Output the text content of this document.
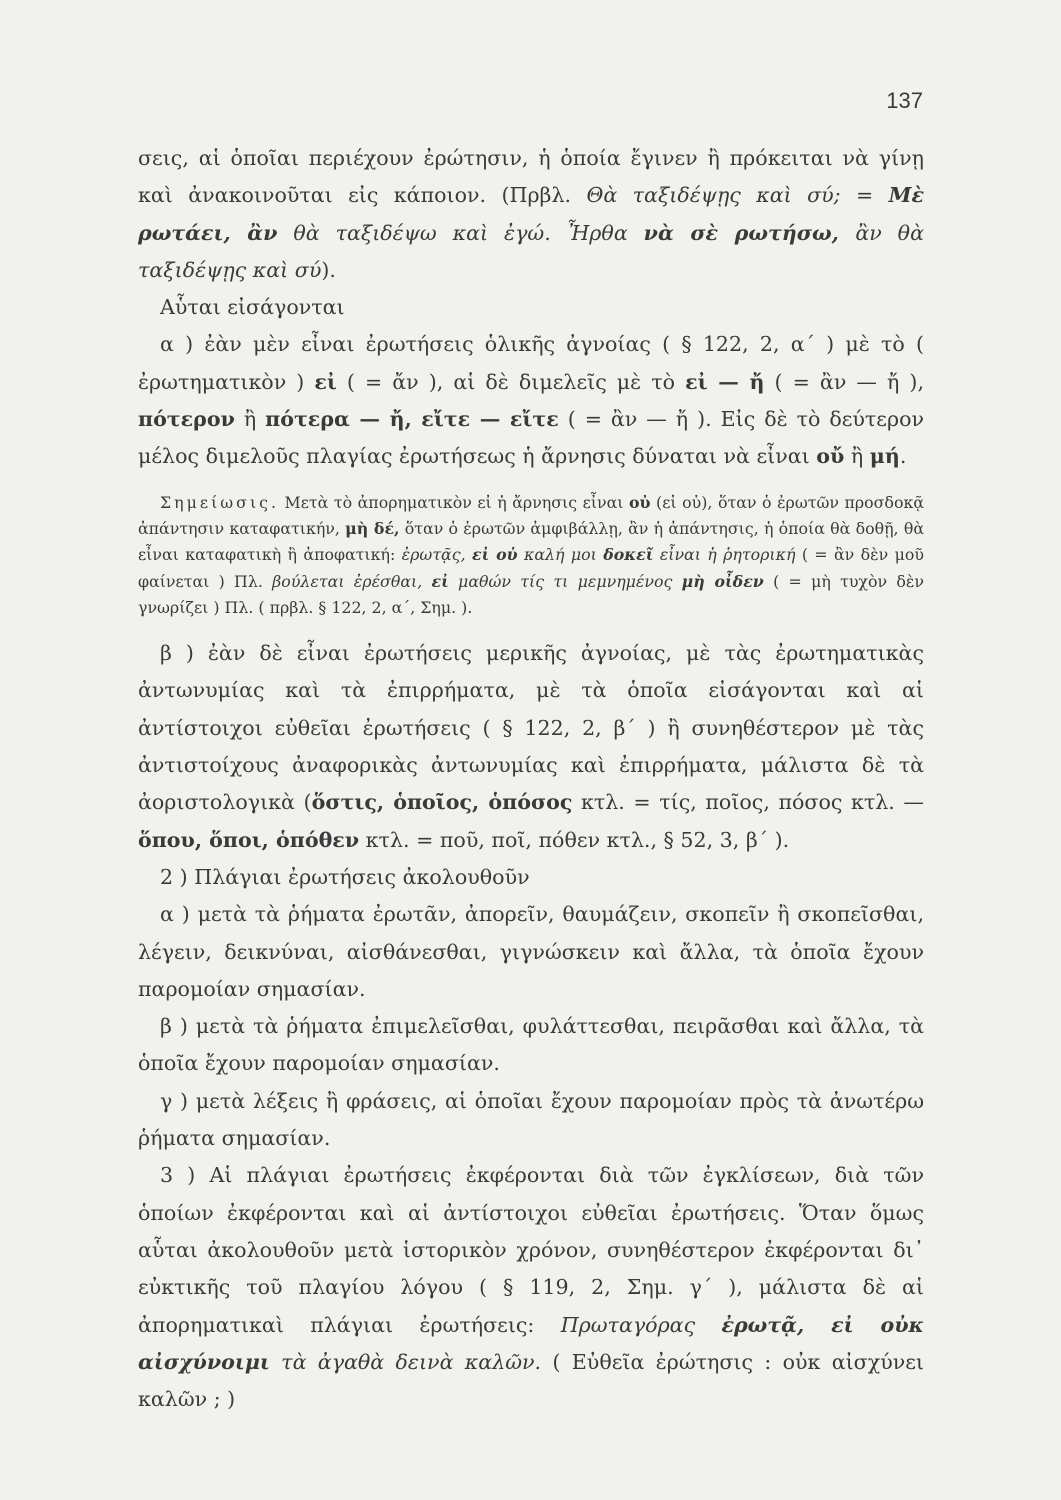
137

σεις, αἱ ὁποῖαι περιέχουν ἐρώτησιν, ἡ ὁποία ἔγινεν ἢ πρόκειται νὰ γίνῃ καὶ ἀνακοινοῦται εἰς κάποιον. (Πρβλ. Θὰ ταξιδέψῃς καὶ σύ; = Μὲ ρωτάει, ἂν θὰ ταξιδέψω καὶ ἐγώ. Ἦρθα νὰ σὲ ρωτήσω, ἂν θὰ ταξιδέψῃς καὶ σύ).

Αὗται εἰσάγονται

α ) ἐὰν μὲν εἶναι ἐρωτήσεις ὁλικῆς ἀγνοίας ( § 122, 2, α΄ ) μὲ τὸ ( ἐρωτηματικὸν ) εἰ ( = ἄν ), αἱ δὲ διμελεῖς μὲ τὸ εἰ — ἤ ( = ἂν — ἤ ), πότερον ἢ πότερα — ἤ, εἴτε — εἴτε ( = ἂν — ἤ ). Εἰς δὲ τὸ δεύτερον μέλος διμελοῦς πλαγίας ἐρωτήσεως ἡ ἄρνησις δύναται νὰ εἶναι οὔ ἢ μή.

Σημείωσις. Μετὰ τὸ ἀπορηματικὸν εἰ ἡ ἄρνησις εἶναι οὐ (εἰ οὐ), ὅταν ὁ ἐρωτῶν προσδοκᾷ ἀπάντησιν καταφατικήν, μὴ δέ, ὅταν ὁ ἐρωτῶν ἀμφιβάλλῃ, ἂν ἡ ἀπάντησις, ἡ ὁποία θὰ δοθῇ, θὰ εἶναι καταφατικὴ ἢ ἀποφατική: ἐρωτᾷς, εἰ οὐ καλή μοι δοκεῖ εἶναι ἡ ῥητορική ( = ἂν δὲν μοῦ φαίνεται ) Πλ. βούλεται ἐρέσθαι, εἰ μαθών τίς τι μεμνημένος μὴ οἶδεν ( = μὴ τυχὸν δὲν γνωρίζει ) Πλ. ( πρβλ. § 122, 2, α΄, Σημ. ).

β ) ἐὰν δὲ εἶναι ἐρωτήσεις μερικῆς ἀγνοίας, μὲ τὰς ἐρωτηματικὰς ἀντωνυμίας καὶ τὰ ἐπιρρήματα, μὲ τὰ ὁποῖα εἰσάγονται καὶ αἱ ἀντίστοιχοι εὐθεῖαι ἐρωτήσεις ( § 122, 2, β΄ ) ἢ συνηθέστερον μὲ τὰς ἀντιστοίχους ἀναφορικὰς ἀντωνυμίας καὶ ἐπιρρήματα, μάλιστα δὲ τὰ ἀοριστολογικὰ (ὅστις, ὁποῖος, ὁπόσος κτλ. = τίς, ποῖος, πόσος κτλ. — ὅπου, ὅποι, ὁπόθεν κτλ. = ποῦ, ποῖ, πόθεν κτλ., § 52, 3, β΄ ).

2 ) Πλάγιαι ἐρωτήσεις ἀκολουθοῦν

α ) μετὰ τὰ ῥήματα ἐρωτᾶν, ἀπορεῖν, θαυμάζειν, σκοπεῖν ἢ σκοπεῖσθαι, λέγειν, δεικνύναι, αἰσθάνεσθαι, γιγνώσκειν καὶ ἄλλα, τὰ ὁποῖα ἔχουν παρομοίαν σημασίαν.

β ) μετὰ τὰ ῥήματα ἐπιμελεῖσθαι, φυλάττεσθαι, πειρᾶσθαι καὶ ἄλλα, τὰ ὁποῖα ἔχουν παρομοίαν σημασίαν.

γ ) μετὰ λέξεις ἢ φράσεις, αἱ ὁποῖαι ἔχουν παρομοίαν πρὸς τὰ ἀνωτέρω ῥήματα σημασίαν.

3 ) Αἱ πλάγιαι ἐρωτήσεις ἐκφέρονται διὰ τῶν ἐγκλίσεων, διὰ τῶν ὁποίων ἐκφέρονται καὶ αἱ ἀντίστοιχοι εὐθεῖαι ἐρωτήσεις. Ὅταν ὅμως αὗται ἀκολουθοῦν μετὰ ἱστορικὸν χρόνον, συνηθέστερον ἐκφέρονται δι᾿ εὐκτικῆς τοῦ πλαγίου λόγου ( § 119, 2, Σημ. γ΄ ), μάλιστα δὲ αἱ ἀπορηματικαὶ πλάγιαι ἐρωτήσεις: Πρωταγόρας ἐρωτᾷ, εἰ οὐκ αἰσχύνοιμι τὰ ἀγαθὰ δεινὰ καλῶν. ( Εὐθεῖα ἐρώτησις : οὐκ αἰσχύνει καλῶν ; )
